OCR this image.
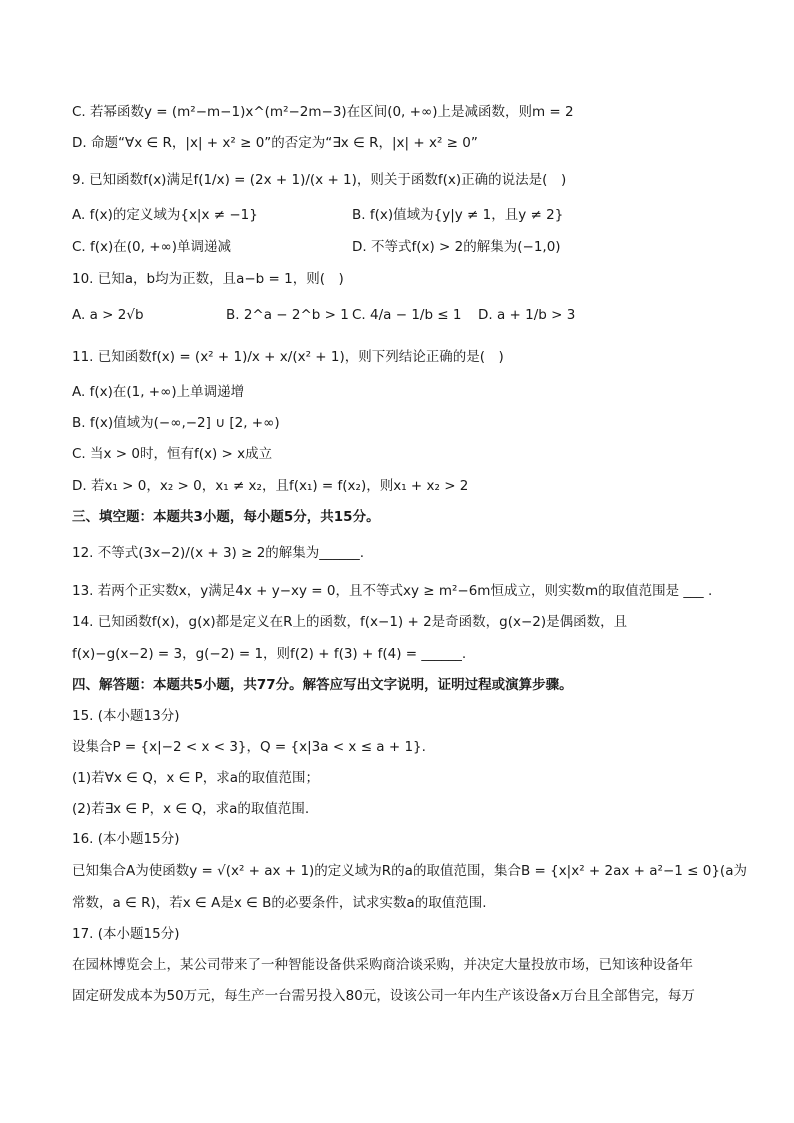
C. 若幂函数y = (m²−m−1)x^(m²−2m−3)在区间(0, +∞)上是减函数，则m = 2
D. 命题“∀x ∈ R，|x| + x² ≥ 0”的否定为“∃x ∈ R，|x| + x² ≥ 0”
9. 已知函数f(x)满足f(1/x) = (2x + 1)/(x + 1)，则关于函数f(x)正确的说法是(　)
A. f(x)的定义域为{x|x ≠ −1}	B. f(x)值域为{y|y ≠ 1，且y ≠ 2}
C. f(x)在(0, +∞)单调递减	D. 不等式f(x) > 2的解集为(−1,0)
10. 已知a，b均为正数，且a−b = 1，则(　)
A. a > 2√b	B. 2^a − 2^b > 1 C. 4/a − 1/b ≤ 1 D. a + 1/b > 3
11. 已知函数f(x) = (x² + 1)/x + x/(x² + 1)，则下列结论正确的是(　)
A. f(x)在(1, +∞)上单调递增
B. f(x)值域为(−∞,−2] ∪ [2, +∞)
C. 当x > 0时，恒有f(x) > x成立
D. 若x₁ > 0，x₂ > 0，x₁ ≠ x₂，且f(x₁) = f(x₂)，则x₁ + x₂ > 2
三、填空题：本题共3小题，每小题5分，共15分。
12. 不等式(3x−2)/(x + 3) ≥ 2的解集为______.
13. 若两个正实数x，y满足4x + y−xy = 0，且不等式xy ≥ m²−6m恒成立，则实数m的取值范围是 ___ .
14. 已知函数f(x)，g(x)都是定义在R上的函数，f(x−1) + 2是奇函数，g(x−2)是偶函数，且
f(x)−g(x−2) = 3，g(−2) = 1，则f(2) + f(3) + f(4) = ______.
四、解答题：本题共5小题，共77分。解答应写出文字说明，证明过程或演算步骤。
15. (本小题13分)
设集合P = {x|−2 < x < 3}，Q = {x|3a < x ≤ a + 1}.
(1)若∀x ∈ Q，x ∈ P，求a的取值范围；
(2)若∃x ∈ P，x ∈ Q，求a的取值范围.
16. (本小题15分)
已知集合A为使函数y = √(x² + ax + 1)的定义域为R的a的取值范围，集合B = {x|x² + 2ax + a²−1 ≤ 0}(a为
常数，a ∈ R)，若x ∈ A是x ∈ B的必要条件，试求实数a的取值范围.
17. (本小题15分)
在园林博览会上，某公司带来了一种智能设备供采购商洽谈采购，并决定大量投放市场，已知该种设备年
固定研发成本为50万元，每生产一台需另投入80元，设该公司一年内生产该设备x万台且全部售完，每万
